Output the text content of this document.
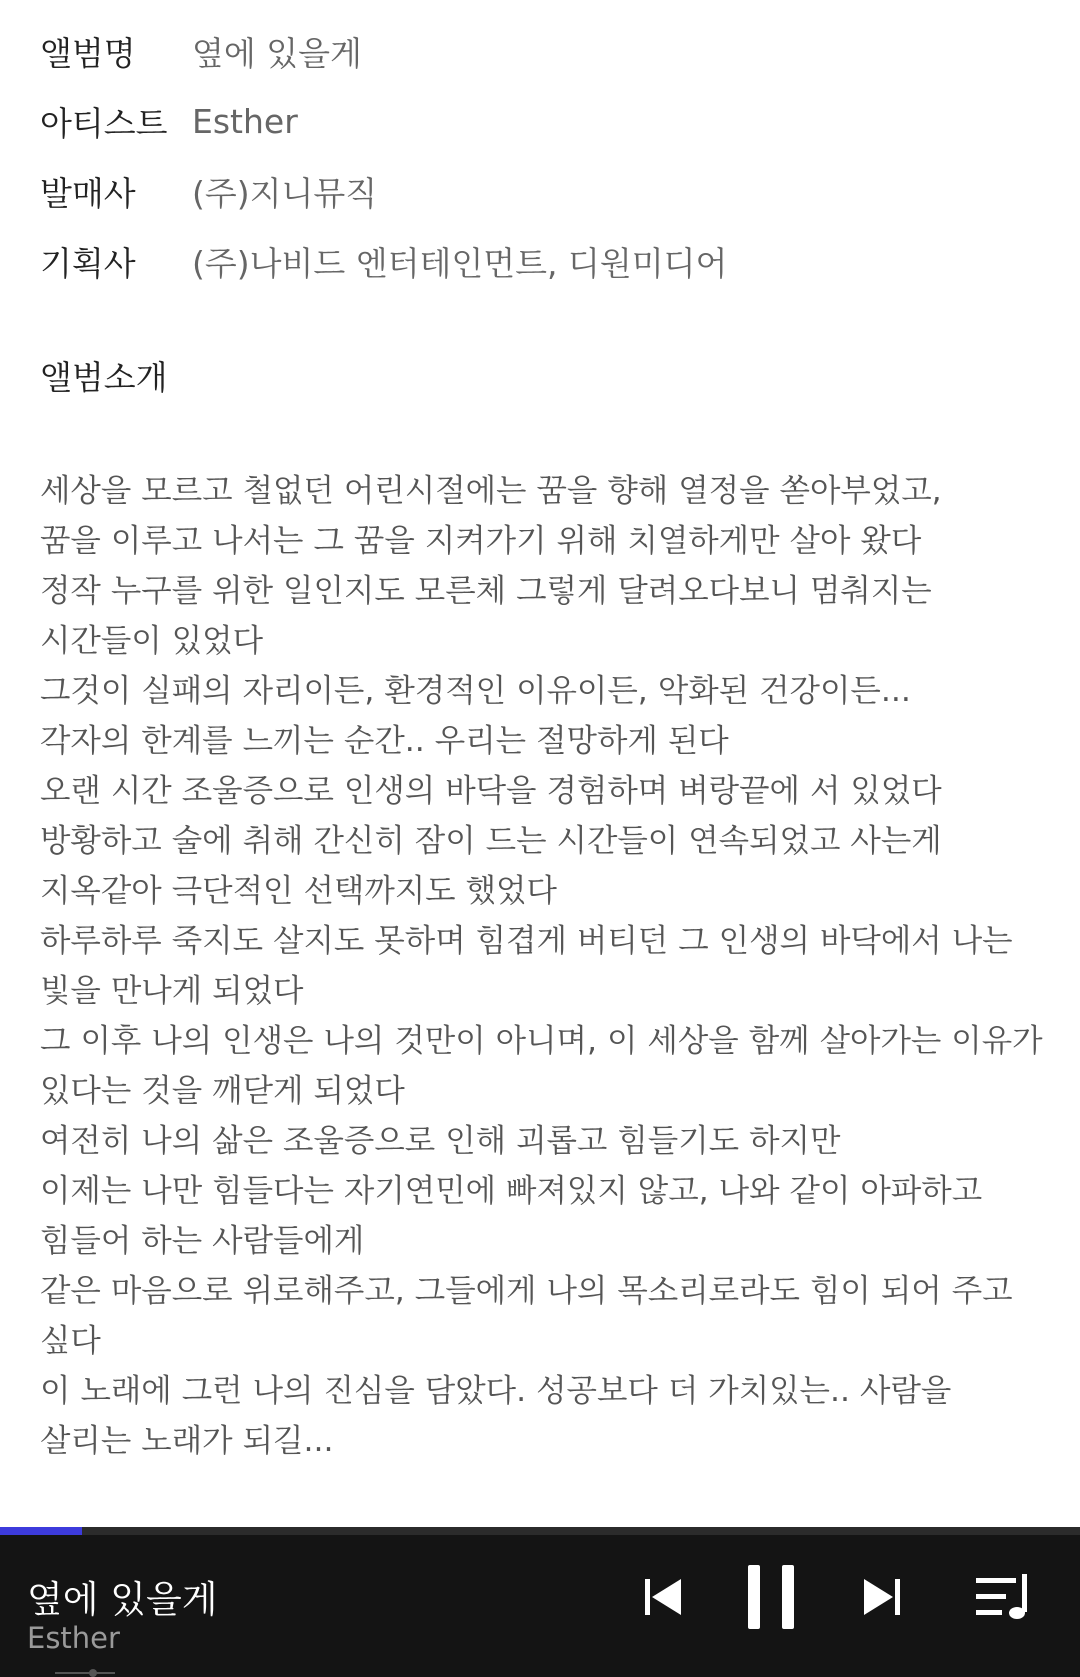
앨범명	옆에 있을게
아티스트 Esther
발매사	(주)지니뮤직
기획사	(주)나비드 엔터테인먼트, 디원미디어
앨범소개
세상을 모르고 철없던 어린시절에는 꿈을 향해 열정을 쏟아부었고,
꿈을 이루고 나서는 그 꿈을 지켜가기 위해 치열하게만 살아 왔다
정작 누구를 위한 일인지도 모른체 그렇게 달려오다보니 멈춰지는
시간들이 있었다
그것이 실패의 자리이든, 환경적인 이유이든, 악화된 건강이든...
각자의 한계를 느끼는 순간.. 우리는 절망하게 된다
오랜 시간 조울증으로 인생의 바닥을 경험하며 벼랑끝에 서 있었다
방황하고 술에 취해 간신히 잠이 드는 시간들이 연속되었고 사는게
지옥같아 극단적인 선택까지도 했었다
하루하루 죽지도 살지도 못하며 힘겹게 버티던 그 인생의 바닥에서 나는
빛을 만나게 되었다
그 이후 나의 인생은 나의 것만이 아니며, 이 세상을 함께 살아가는 이유가
있다는 것을 깨닫게 되었다
여전히 나의 삶은 조울증으로 인해 괴롭고 힘들기도 하지만
이제는 나만 힘들다는 자기연민에 빠져있지 않고, 나와 같이 아파하고
힘들어 하는 사람들에게
같은 마음으로 위로해주고, 그들에게 나의 목소리로라도 힘이 되어 주고
싶다
이 노래에 그런 나의 진심을 담았다. 성공보다 더 가치있는.. 사람을
살리는 노래가 되길...
옆에 있을게
Esther
